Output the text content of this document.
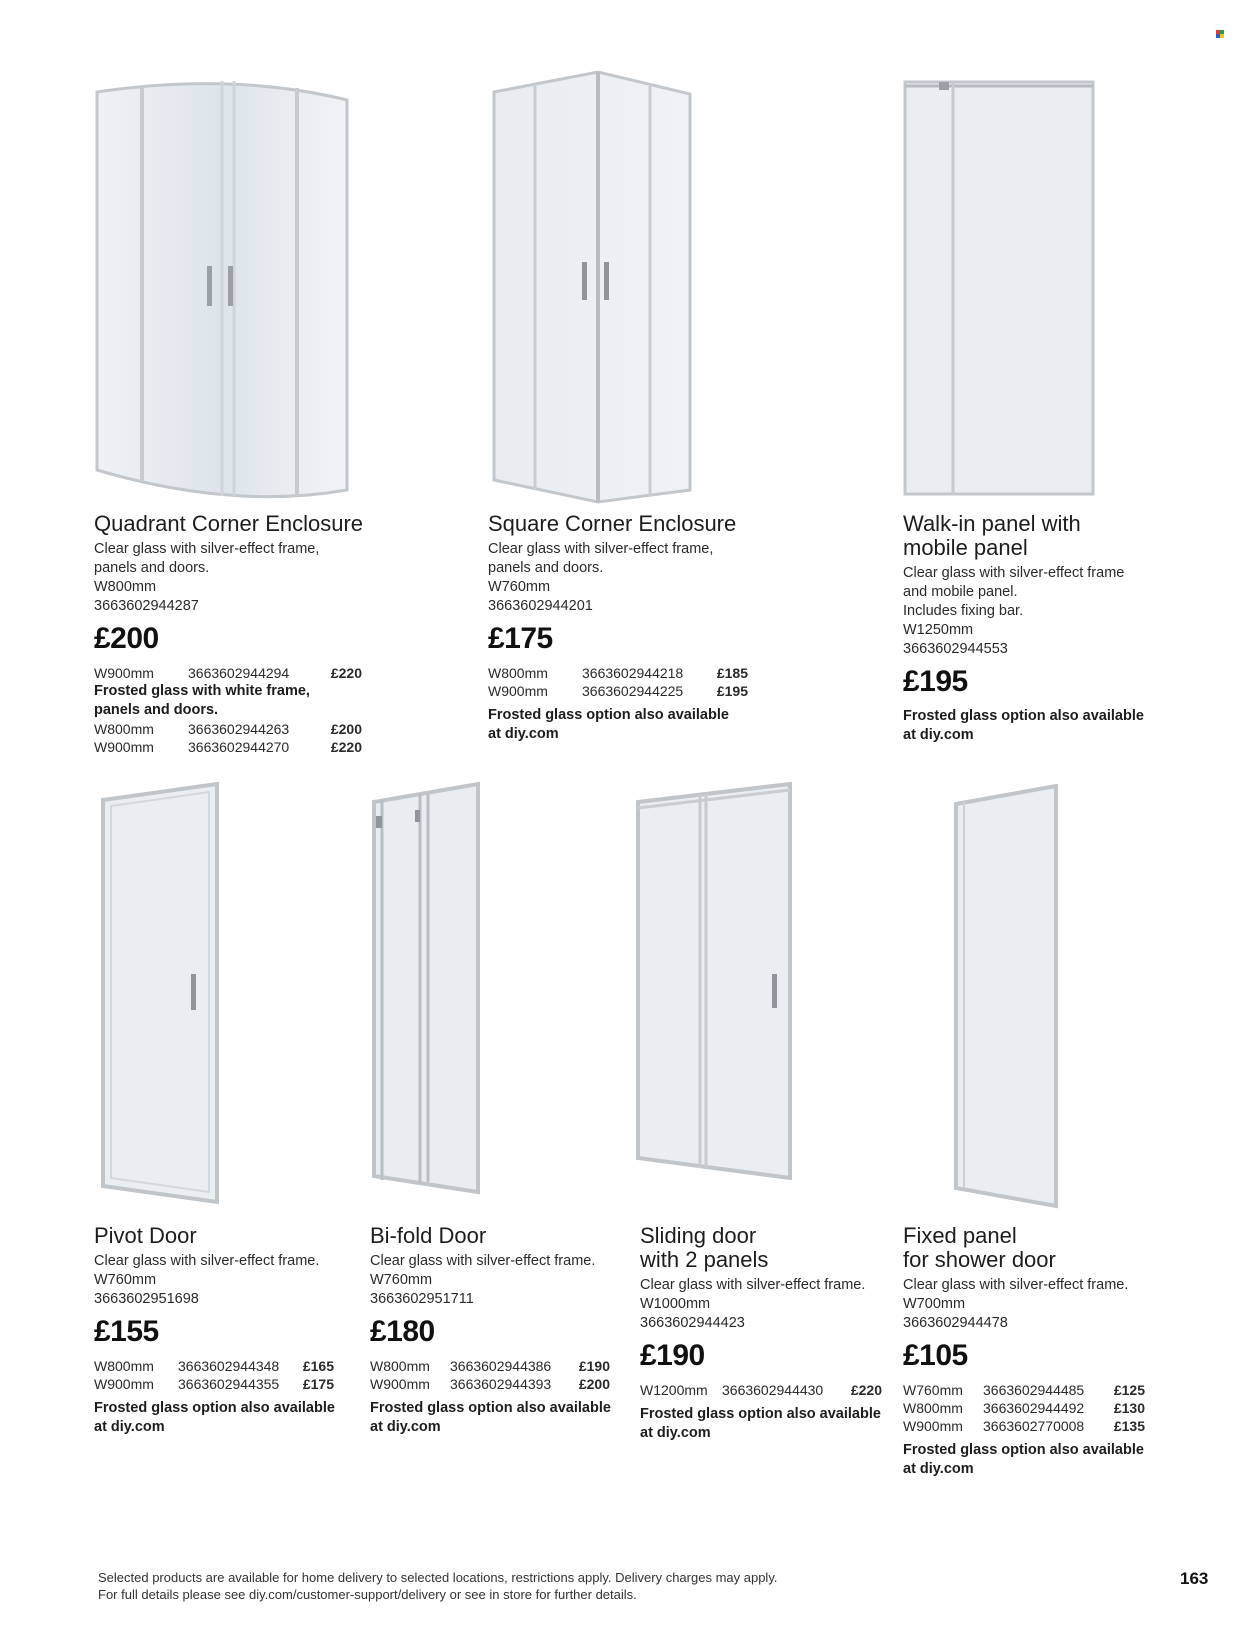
Quadrant Corner Enclosure
Clear glass with silver-effect frame,
panels and doors.
W800mm
3663602944287
£200
W900mm	3663602944294	£220
Frosted glass with white frame,
panels and doors.
W800mm	3663602944263	£200
W900mm	3663602944270	£220
Square Corner Enclosure
Clear glass with silver-effect frame,
panels and doors.
W760mm
3663602944201
£175
W800mm	3663602944218	£185
W900mm	3663602944225	£195
Frosted glass option also available
at diy.com
Walk-in panel with
mobile panel
Clear glass with silver-effect frame
and mobile panel.
Includes fixing bar.
W1250mm
3663602944553
£195
Frosted glass option also available
at diy.com
Pivot Door
Clear glass with silver-effect frame.
W760mm
3663602951698
£155
W800mm	3663602944348	£165
W900mm	3663602944355	£175
Frosted glass option also available
at diy.com
Bi-fold Door
Clear glass with silver-effect frame.
W760mm
3663602951711
£180
W800mm	3663602944386	£190
W900mm	3663602944393	£200
Frosted glass option also available
at diy.com
Sliding door
with 2 panels
Clear glass with silver-effect frame.
W1000mm
3663602944423
£190
W1200mm	3663602944430	£220
Frosted glass option also available
at diy.com
Fixed panel
for shower door
Clear glass with silver-effect frame.
W700mm
3663602944478
£105
W760mm	3663602944485	£125
W800mm	3663602944492	£130
W900mm	3663602770008	£135
Frosted glass option also available
at diy.com
Selected products are available for home delivery to selected locations, restrictions apply. Delivery charges may apply.
For full details please see diy.com/customer-support/delivery or see in store for further details.
163
